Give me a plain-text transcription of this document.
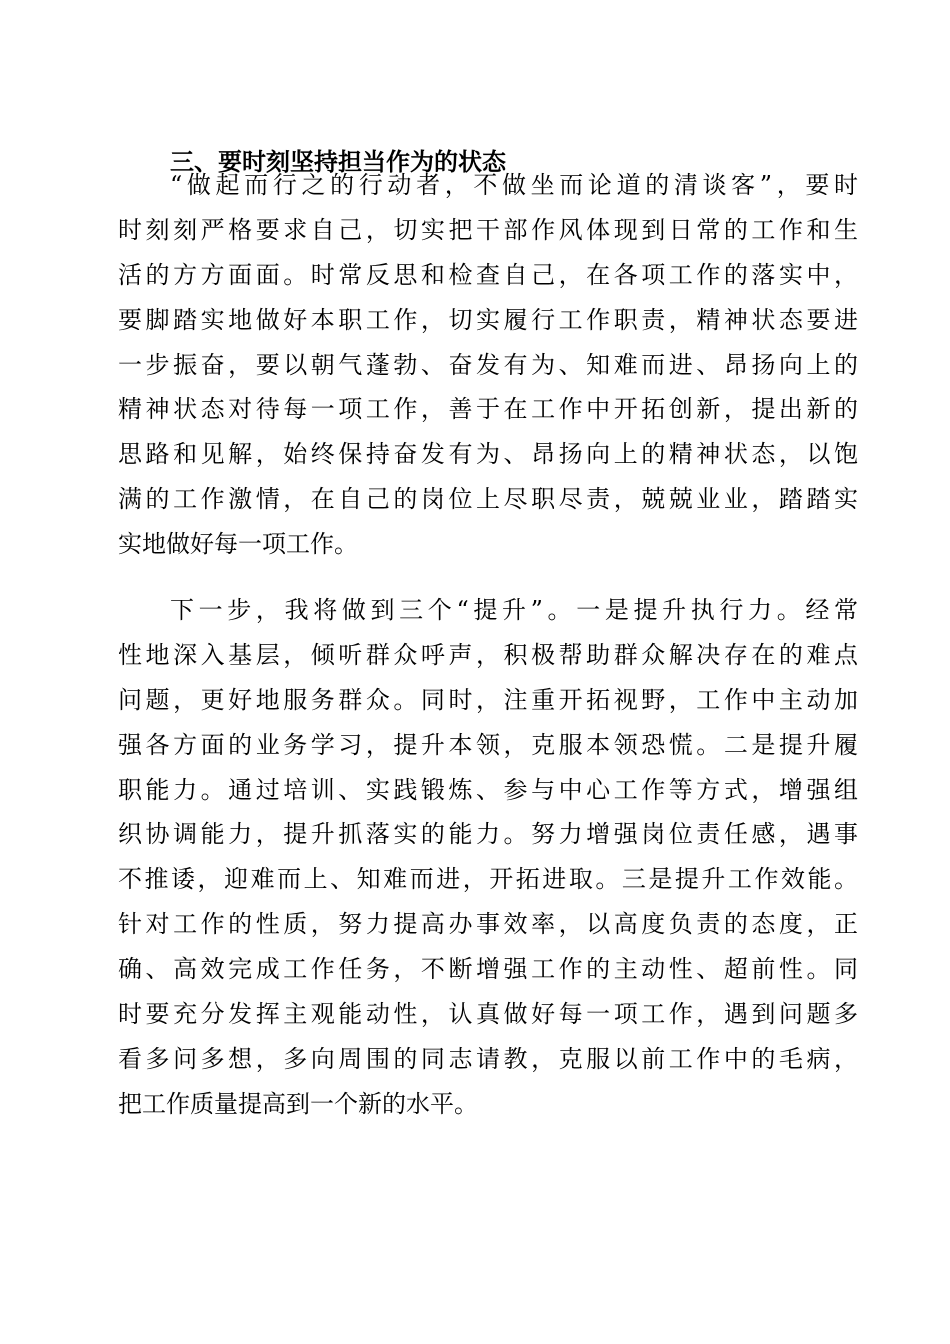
三、要时刻坚持担当作为的状态

“做起而行之的行动者，不做坐而论道的清谈客”，要时
时刻刻严格要求自己，切实把干部作风体现到日常的工作和生
活的方方面面。时常反思和检查自己，在各项工作的落实中，
要脚踏实地做好本职工作，切实履行工作职责，精神状态要进
一步振奋，要以朝气蓬勃、奋发有为、知难而进、昂扬向上的
精神状态对待每一项工作，善于在工作中开拓创新，提出新的
思路和见解，始终保持奋发有为、昂扬向上的精神状态，以饱
满的工作激情，在自己的岗位上尽职尽责，兢兢业业，踏踏实
实地做好每一项工作。

下一步，我将做到三个“提升”。一是提升执行力。经常
性地深入基层，倾听群众呼声，积极帮助群众解决存在的难点
问题，更好地服务群众。同时，注重开拓视野，工作中主动加
强各方面的业务学习，提升本领，克服本领恐慌。二是提升履
职能力。通过培训、实践锻炼、参与中心工作等方式，增强组
织协调能力，提升抓落实的能力。努力增强岗位责任感，遇事
不推诿，迎难而上、知难而进，开拓进取。三是提升工作效能。
针对工作的性质，努力提高办事效率，以高度负责的态度，正
确、高效完成工作任务，不断增强工作的主动性、超前性。同
时要充分发挥主观能动性，认真做好每一项工作，遇到问题多
看多问多想，多向周围的同志请教，克服以前工作中的毛病，
把工作质量提高到一个新的水平。
